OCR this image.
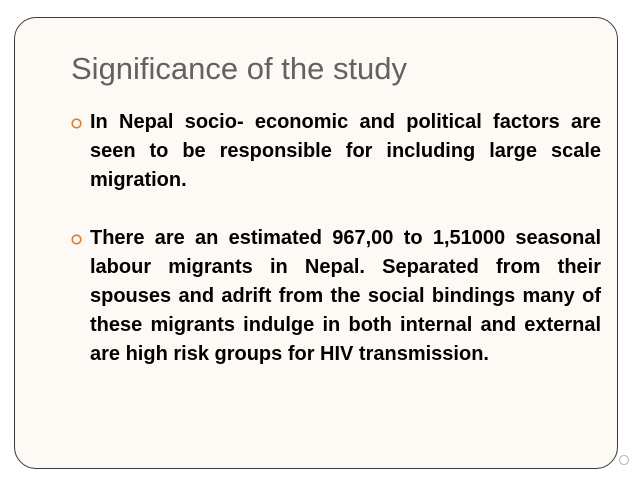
Significance of the study
In Nepal socio- economic and political factors are seen to be responsible for including large scale migration.
There are an estimated 967,00 to 1,51000 seasonal labour migrants in Nepal. Separated from their spouses and adrift from the social bindings many of these migrants indulge in both internal and external are high risk groups for HIV transmission.
